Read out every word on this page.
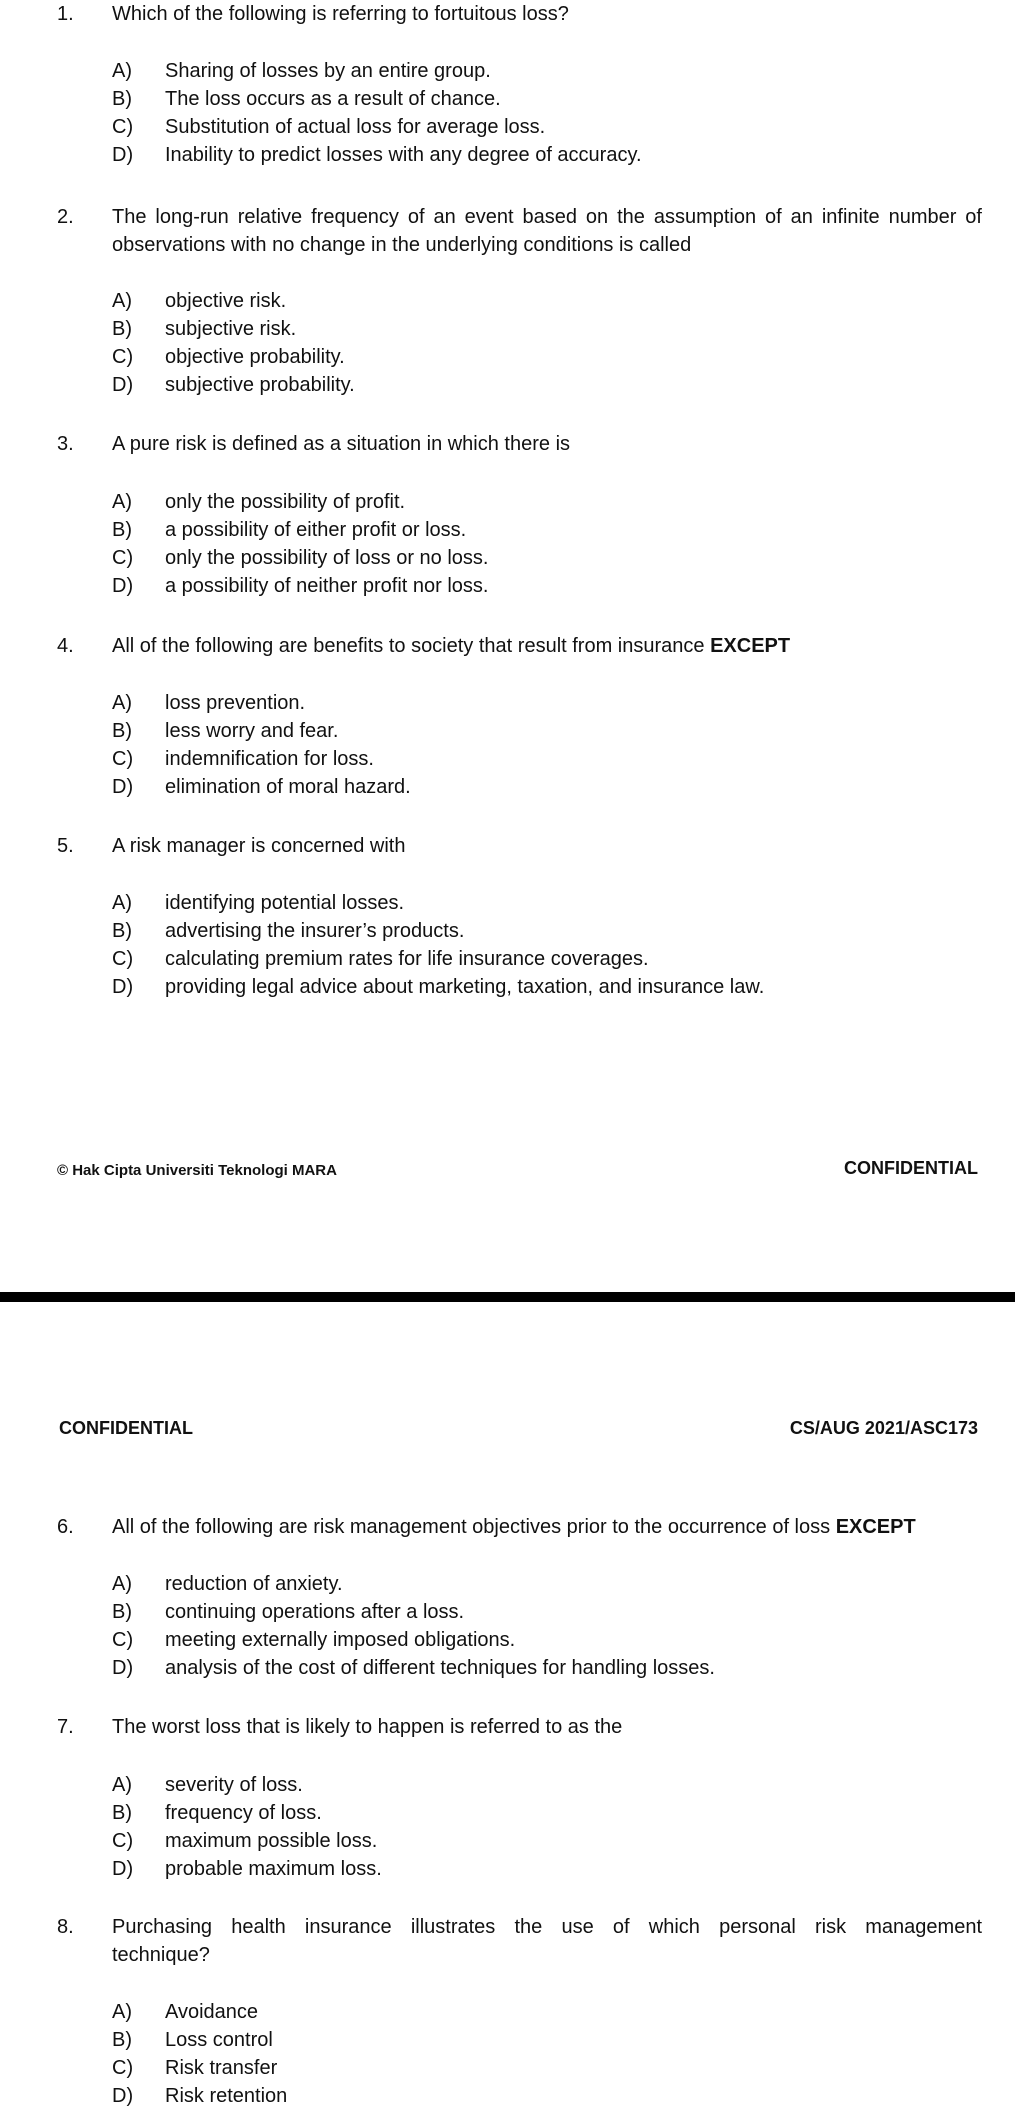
1. Which of the following is referring to fortuitous loss?
A)	Sharing of losses by an entire group.
B)	The loss occurs as a result of chance.
C)	Substitution of actual loss for average loss.
D)	Inability to predict losses with any degree of accuracy.
2. The long-run relative frequency of an event based on the assumption of an infinite number of observations with no change in the underlying conditions is called
A)	objective risk.
B)	subjective risk.
C)	objective probability.
D)	subjective probability.
3. A pure risk is defined as a situation in which there is
A)	only the possibility of profit.
B)	a possibility of either profit or loss.
C)	only the possibility of loss or no loss.
D)	a possibility of neither profit nor loss.
4. All of the following are benefits to society that result from insurance EXCEPT
A)	loss prevention.
B)	less worry and fear.
C)	indemnification for loss.
D)	elimination of moral hazard.
5. A risk manager is concerned with
A)	identifying potential losses.
B)	advertising the insurer’s products.
C)	calculating premium rates for life insurance coverages.
D)	providing legal advice about marketing, taxation, and insurance law.
© Hak Cipta Universiti Teknologi MARA	CONFIDENTIAL
CONFIDENTIAL	CS/AUG 2021/ASC173
6. All of the following are risk management objectives prior to the occurrence of loss EXCEPT
A)	reduction of anxiety.
B)	continuing operations after a loss.
C)	meeting externally imposed obligations.
D)	analysis of the cost of different techniques for handling losses.
7. The worst loss that is likely to happen is referred to as the
A)	severity of loss.
B)	frequency of loss.
C)	maximum possible loss.
D)	probable maximum loss.
8. Purchasing health insurance illustrates the use of which personal risk management technique?
A)	Avoidance
B)	Loss control
C)	Risk transfer
D)	Risk retention
